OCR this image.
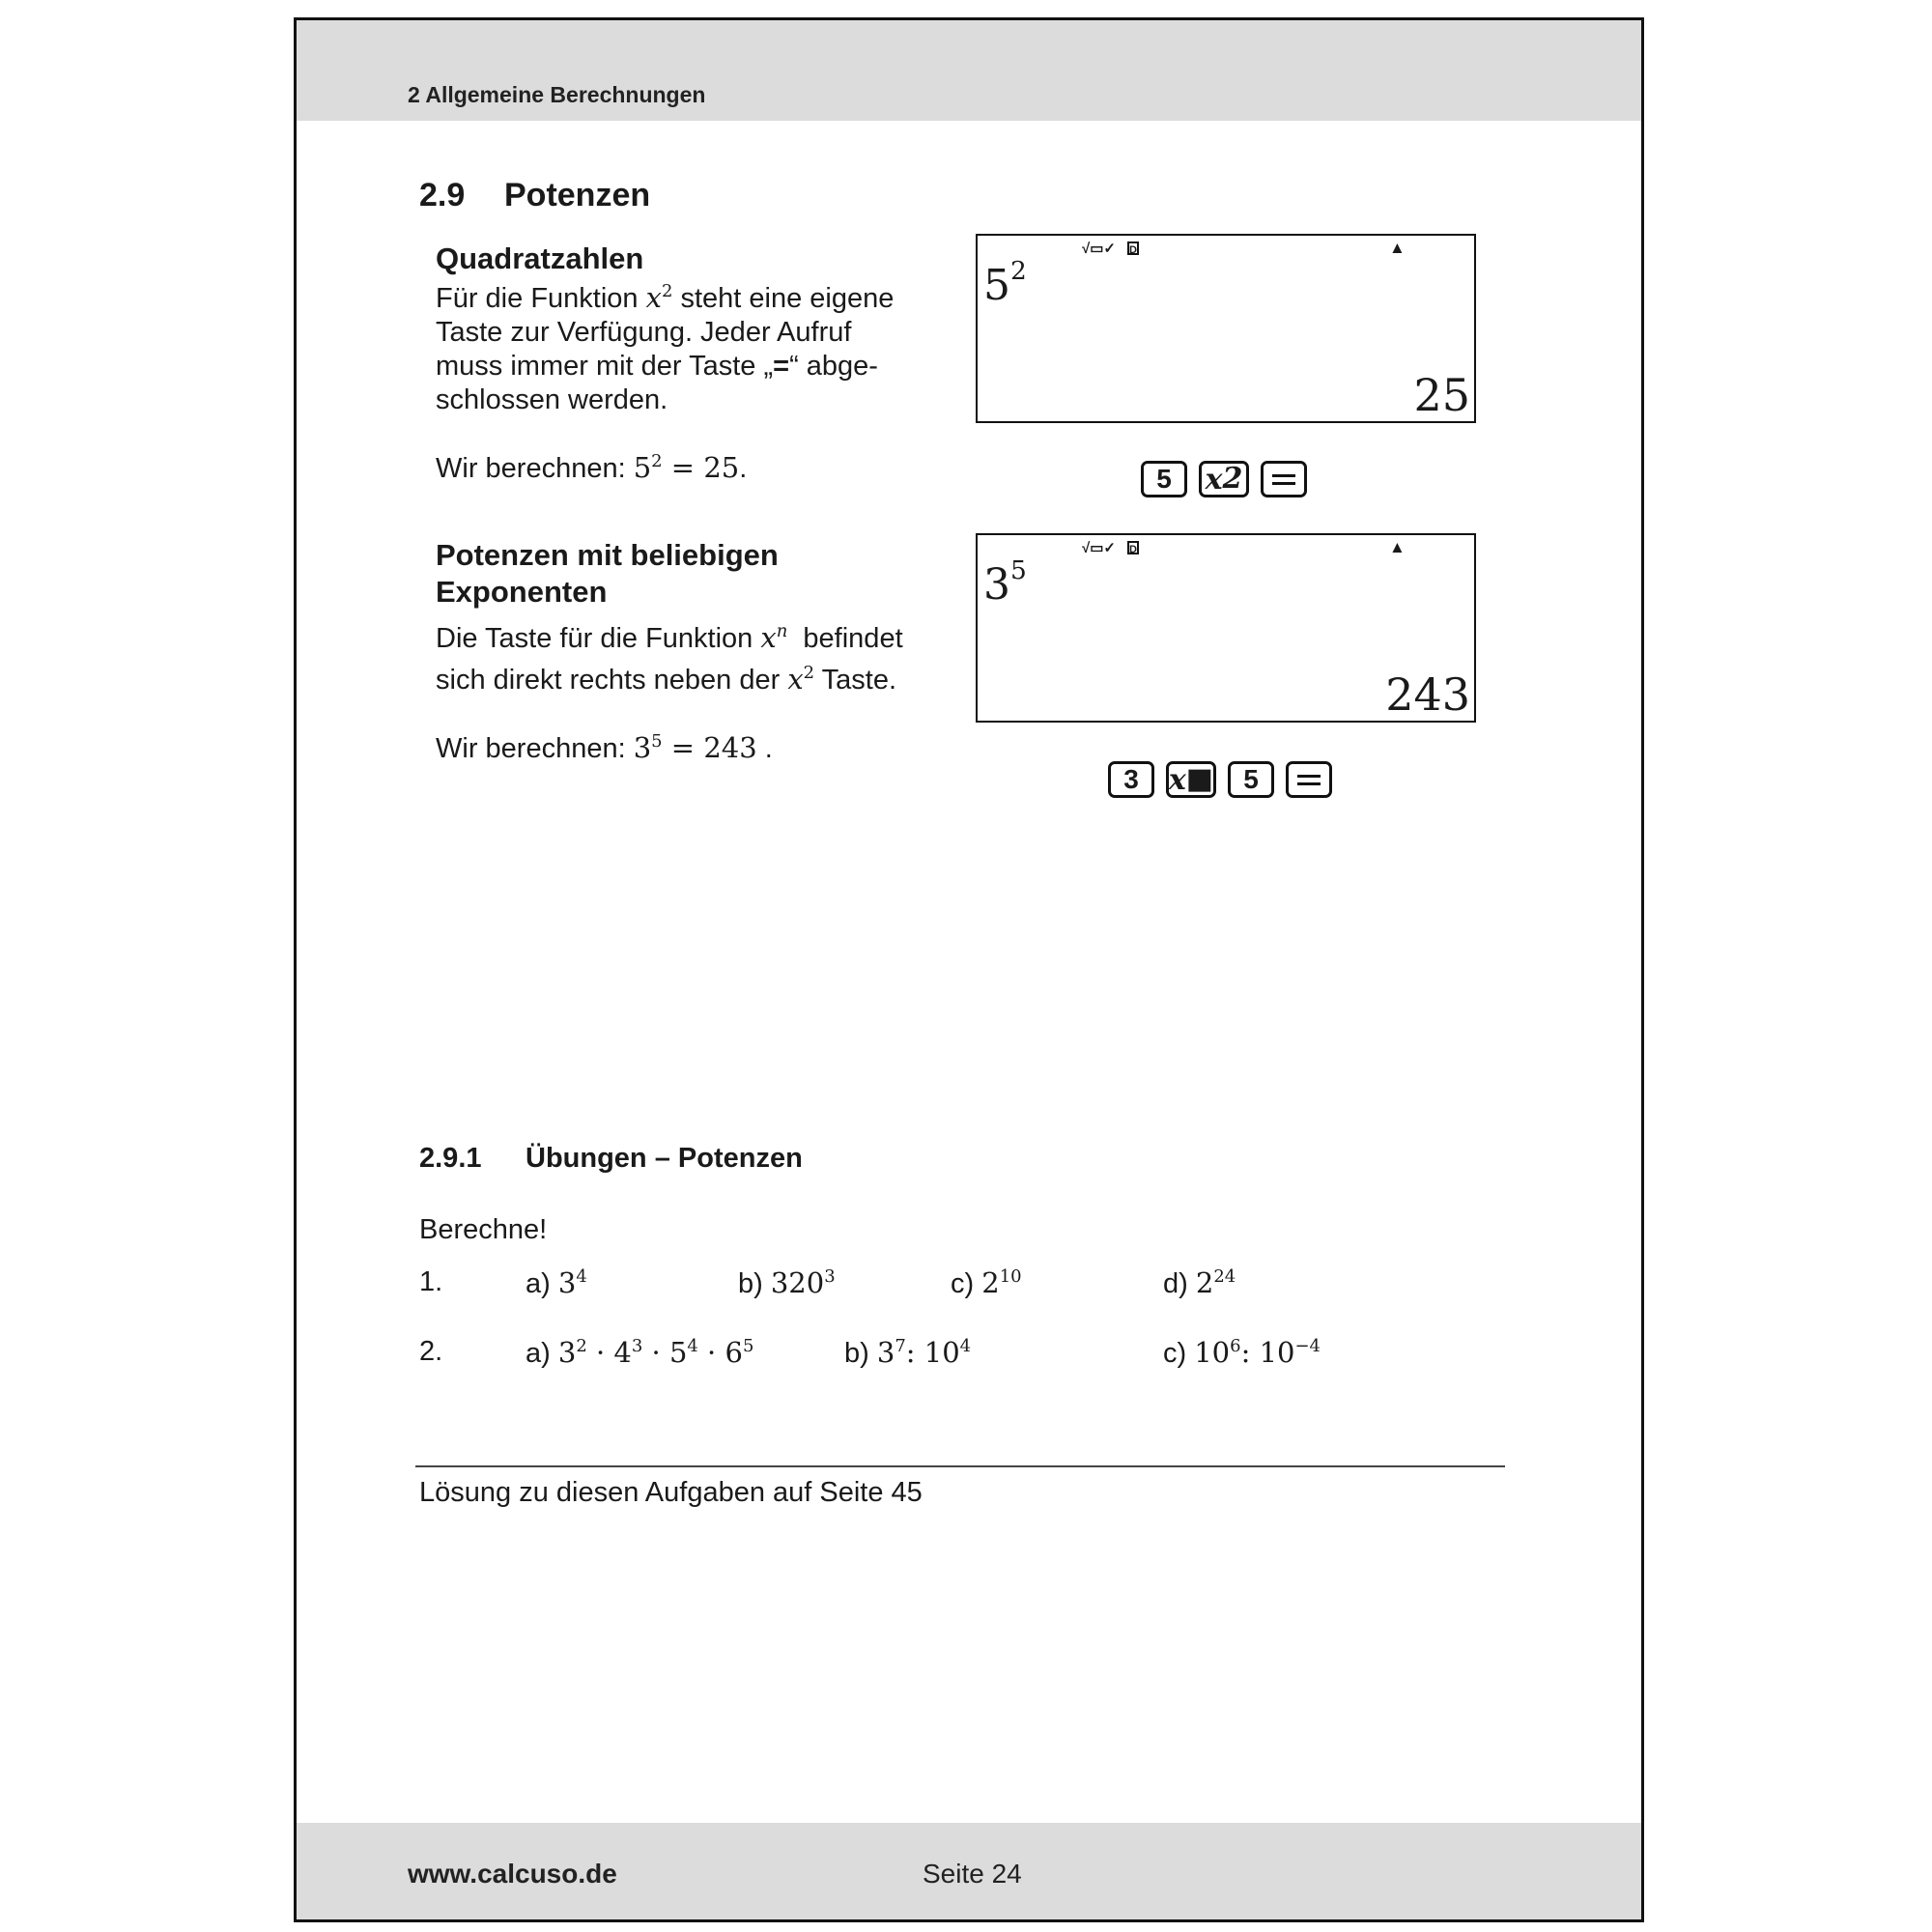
2 Allgemeine Berechnungen
2.9 Potenzen
Quadratzahlen
Für die Funktion $x^2$ steht eine eigene
Taste zur Verfügung. Jeder Aufruf
muss immer mit der Taste „=“ abge-
schlossen werden.
Wir berechnen: $5^2 = 25$.
√▭✓ D	▲
$5^2$
25
5	x 2
Potenzen mit beliebigen
Exponenten
Die Taste für die Funktion $x^n$  befindet
sich direkt rechts neben der $x^2$ Taste.
Wir berechnen: $3^5 = 243$ .
√▭✓ D	▲
$3^5$
243
3	x ■	5
2.9.1 Übungen – Potenzen
Berechne!
1.	a) $3^4$	b) $320^3$	c) $2^{10}$	d) $2^{24}$
2.	a) $3^2 \cdot 4^3 \cdot 5^4 \cdot 6^5$	b) $3^7$: $10^4$	c) $10^6$: $10^{-4}$
Lösung zu diesen Aufgaben auf Seite 45
www.calcuso.de	Seite 24
